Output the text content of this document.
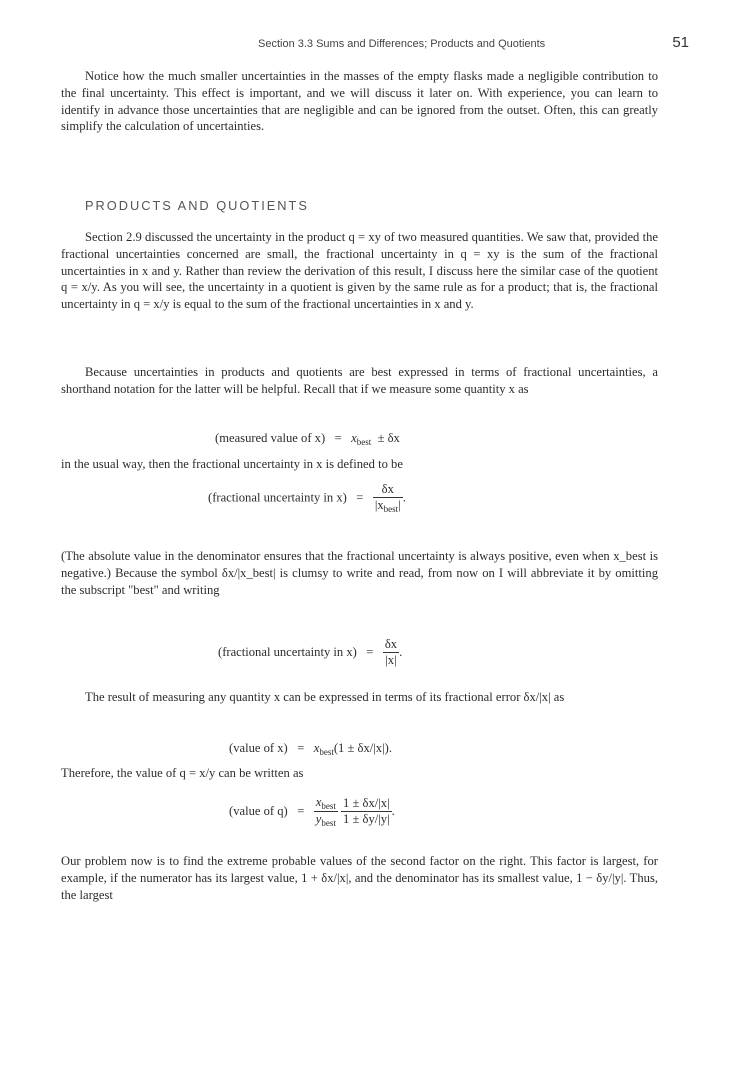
Section 3.3 Sums and Differences; Products and Quotients	51

Notice how the much smaller uncertainties in the masses of the empty flasks made a negligible contribution to the final uncertainty. This effect is important, and we will discuss it later on. With experience, you can learn to identify in advance those uncertainties that are negligible and can be ignored from the outset. Often, this can greatly simplify the calculation of uncertainties.

PRODUCTS AND QUOTIENTS

Section 2.9 discussed the uncertainty in the product q = xy of two measured quantities. We saw that, provided the fractional uncertainties concerned are small, the fractional uncertainty in q = xy is the sum of the fractional uncertainties in x and y. Rather than review the derivation of this result, I discuss here the similar case of the quotient q = x/y. As you will see, the uncertainty in a quotient is given by the same rule as for a product; that is, the fractional uncertainty in q = x/y is equal to the sum of the fractional uncertainties in x and y.

Because uncertainties in products and quotients are best expressed in terms of fractional uncertainties, a shorthand notation for the latter will be helpful. Recall that if we measure some quantity x as

(measured value of $x) = x_{best} \pm \delta x$

in the usual way, then the fractional uncertainty in x is defined to be

(fractional uncertainty in $x) = \frac{\delta x}{|x_{best}|}$ .

(The absolute value in the denominator ensures that the fractional uncertainty is always positive, even when x_best is negative.) Because the symbol δx/|x_best| is clumsy to write and read, from now on I will abbreviate it by omitting the subscript "best" and writing

(fractional uncertainty in $x) = \frac{\delta x}{|x|}$ .

The result of measuring any quantity x can be expressed in terms of its fractional error δx/|x| as

(value of $x) = x_{best}(1 \pm \delta x/|x|)$.

Therefore, the value of q = x/y can be written as

(value of $q) = \frac{x_{best}}{y_{best}}$
$\frac{1 \pm \delta x/|x|}{1 \pm \delta y/|y|}$ .

Our problem now is to find the extreme probable values of the second factor on the right. This factor is largest, for example, if the numerator has its largest value, 1 + δx/|x|, and the denominator has its smallest value, 1 − δy/|y|. Thus, the largest
